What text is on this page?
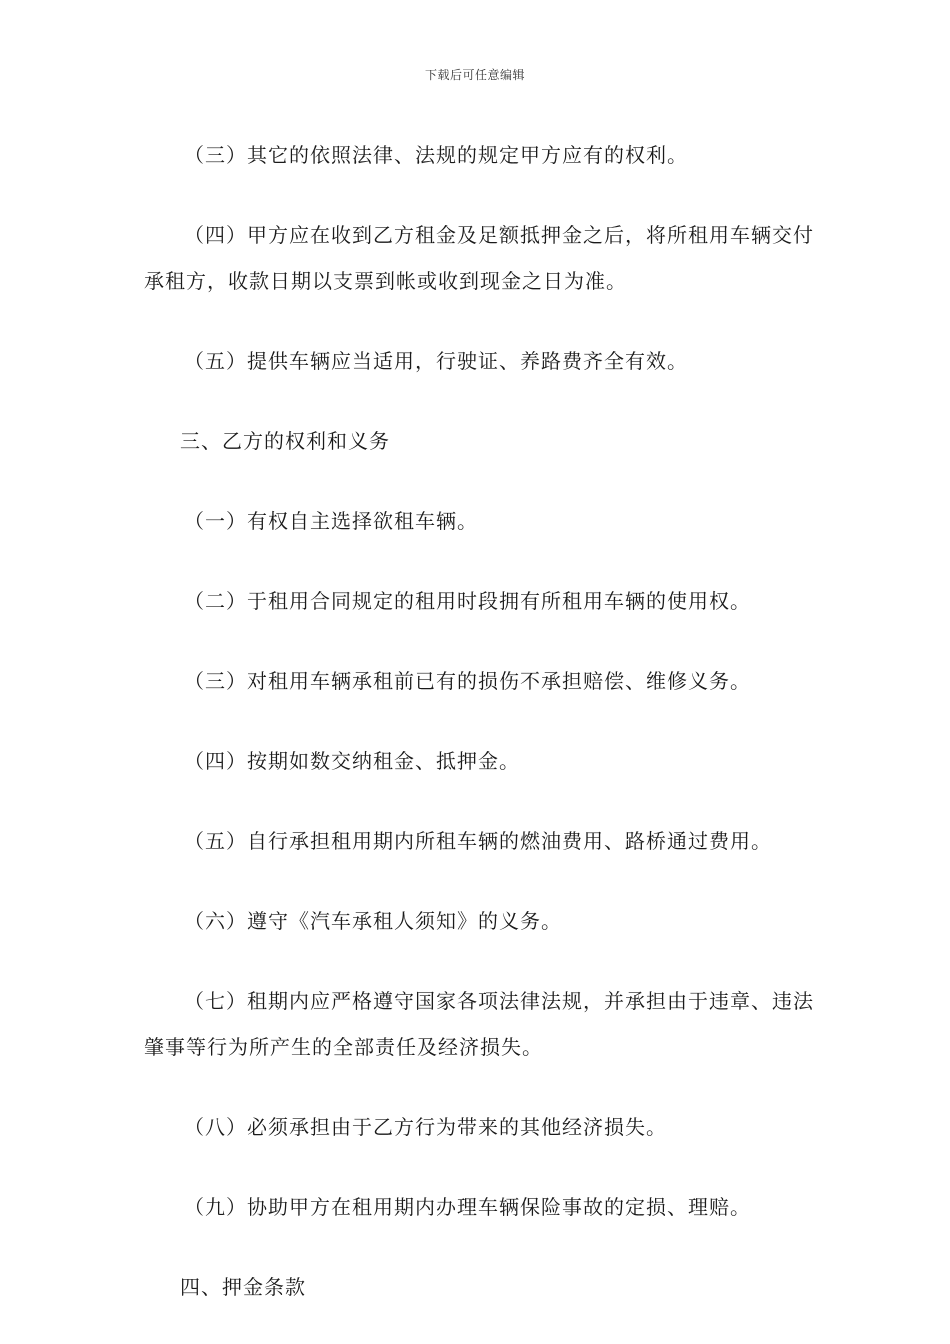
下载后可任意编辑

（三）其它的依照法律、法规的规定甲方应有的权利。

（四）甲方应在收到乙方租金及足额抵押金之后，将所租用车辆交付承租方，收款日期以支票到帐或收到现金之日为准。

（五）提供车辆应当适用，行驶证、养路费齐全有效。

三、乙方的权利和义务

（一）有权自主选择欲租车辆。

（二）于租用合同规定的租用时段拥有所租用车辆的使用权。

（三）对租用车辆承租前已有的损伤不承担赔偿、维修义务。

（四）按期如数交纳租金、抵押金。

（五）自行承担租用期内所租车辆的燃油费用、路桥通过费用。

（六）遵守《汽车承租人须知》的义务。

（七）租期内应严格遵守国家各项法律法规，并承担由于违章、违法肇事等行为所产生的全部责任及经济损失。

（八）必须承担由于乙方行为带来的其他经济损失。

（九）协助甲方在租用期内办理车辆保险事故的定损、理赔。

四、押金条款
